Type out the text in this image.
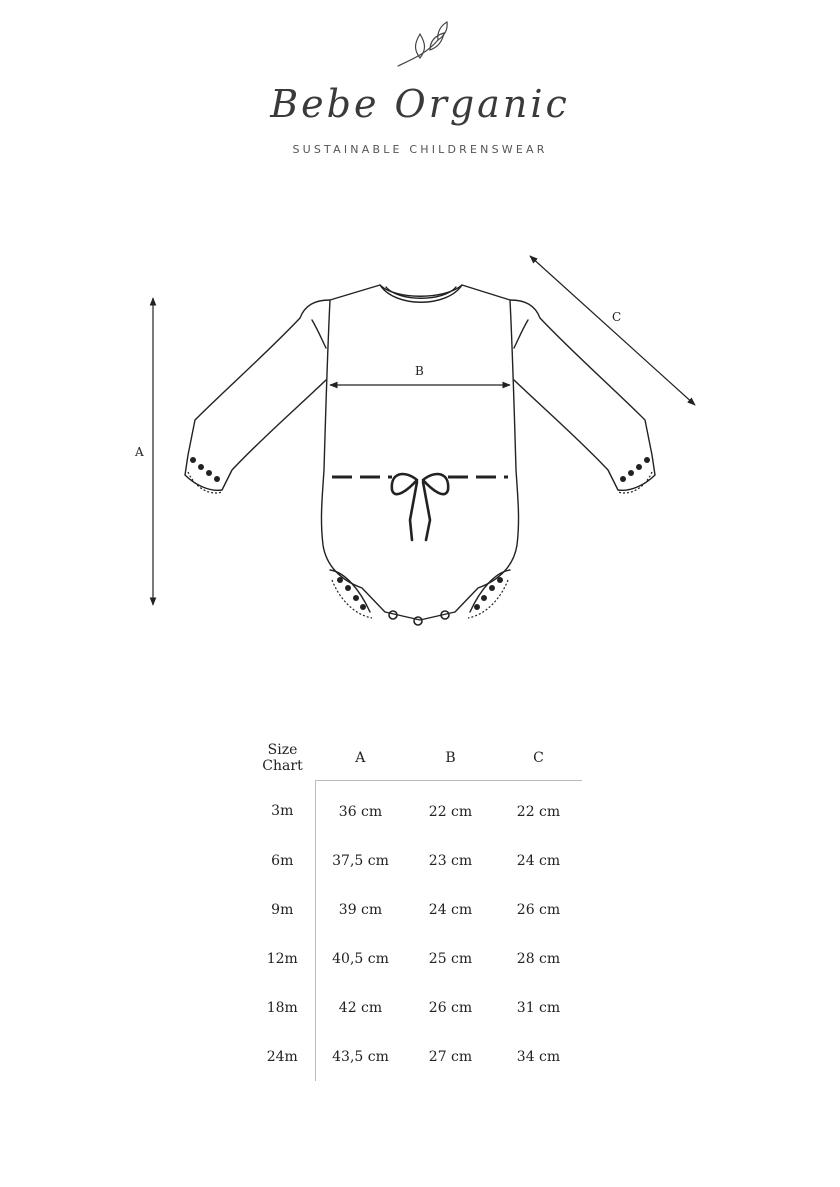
Bebe Organic
SUSTAINABLE CHILDRENSWEAR
A
B
C
Size
Chart	A	B	C
3m	36 cm	22 cm	22 cm
6m	37,5 cm	23 cm	24 cm
9m	39 cm	24 cm	26 cm
12m	40,5 cm	25 cm	28 cm
18m	42 cm	26 cm	31 cm
24m	43,5 cm	27 cm	34 cm
